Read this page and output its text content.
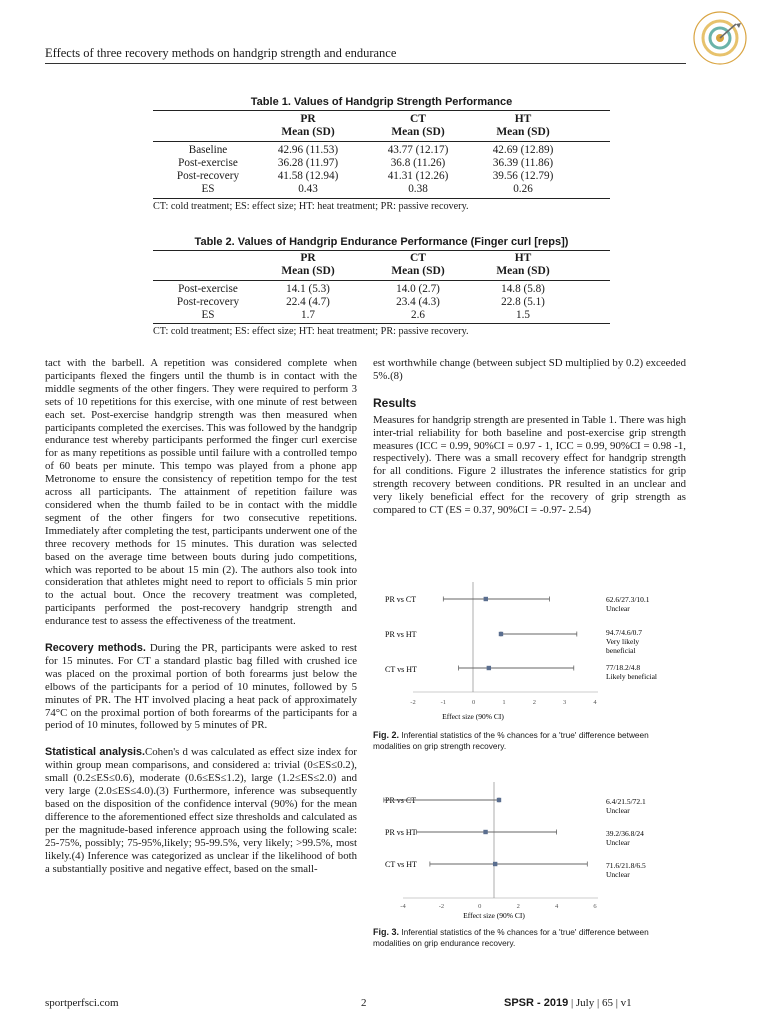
Effects of three recovery methods on handgrip strength and endurance
Table 1. Values of Handgrip Strength Performance
PR
Mean (SD)
CT
Mean (SD)
HT
Mean (SD)
Baseline	42.96 (11.53)	43.77 (12.17)	42.69 (12.89)
Post-exercise	36.28 (11.97)	36.8 (11.26)	36.39 (11.86)
Post-recovery	41.58 (12.94)	41.31 (12.26)	39.56 (12.79)
ES	0.43	0.38	0.26
CT: cold treatment; ES: effect size; HT: heat treatment; PR: passive recovery.
Table 2. Values of Handgrip Endurance Performance (Finger curl [reps])
PR
Mean (SD)
CT
Mean (SD)
HT
Mean (SD)
Post-exercise	14.1 (5.3)	14.0 (2.7)	14.8 (5.8)
Post-recovery	22.4 (4.7)	23.4 (4.3)	22.8 (5.1)
ES	1.7	2.6	1.5
CT: cold treatment; ES: effect size; HT: heat treatment; PR: passive recovery.

tact with the barbell. A repetition was considered complete when participants flexed the fingers until the thumb is in contact with the middle segments of the other fingers. They were required to perform 3 sets of 10 repetitions for this exercise, with one minute of rest between each set. Post-exercise handgrip strength was then measured when participants completed the exercises. This was followed by the handgrip endurance test whereby participants performed the finger curl exercise for as many repetitions as possible until failure with a controlled tempo of 60 beats per minute. This tempo was played from a phone app Metronome to ensure the consistency of repetition tempo for the test across all participants. The attainment of repetition failure was considered when the thumb failed to be in contact with the middle segment of the other fingers for two consecutive repetitions. Immediately after completing the test, participants underwent one of the three recovery methods for 15 minutes. This duration was selected based on the average time between bouts during judo competitions, which was reported to be about 15 min (2). The authors also took into consideration that athletes might need to report to officials 5 min prior to the actual bout. Once the recovery treatment was completed, participants performed the post-recovery handgrip strength and endurance test to assess the effectiveness of the treatment.

Recovery methods. During the PR, participants were asked to rest for 15 minutes. For CT a standard plastic bag filled with crushed ice was placed on the proximal portion of both forearms just below the elbows of the participants for a period of 10 minutes, followed by 5 minutes of PR. The HT involved placing a heat pack of approximately 74°C on the proximal portion of both forearms of the participants for a period of 10 minutes, followed by 5 minutes of PR.

Statistical analysis.Cohen's d was calculated as effect size index for within group mean comparisons, and considered a: trivial (0≤ES≤0.2), small (0.2≤ES≤0.6), moderate (0.6≤ES≤1.2), large (1.2≤ES≤2.0) and very large (2.0≤ES≤4.0).(3) Furthermore, inference was subsequently based on the disposition of the confidence interval (90%) for the mean difference to the aforementioned effect size thresholds and calculated as per the magnitude-based inference approach using the following scale: 25-75%, possibly; 75-95%,likely; 95-99.5%, very likely; >99.5%, most likely.(4) Inference was categorized as unclear if the likelihood of both a substantially positive and negative effect, based on the small-

est worthwhile change (between subject SD multiplied by 0.2) exceeded 5%.(8)

Results

Measures for handgrip strength are presented in Table 1. There was high inter-trial reliability for both baseline and post-exercise grip strength measures (ICC = 0.99, 90%CI = 0.97 - 1, ICC = 0.99, 90%CI = 0.98 -1, respectively). There was a small recovery effect for handgrip strength for all conditions. Figure 2 illustrates the inference statistics for grip strength recovery between conditions. PR resulted in an unclear and very likely beneficial effect for the recovery of grip strength as compared to CT (ES = 0.37, 90%CI = -0.97- 2.54)

-2	-1	0	1	2	3	4
PR vs CT
PR vs HT
CT vs HT
62.6/27.3/10.1
Unclear
94.7/4.6/0.7
Very likely
beneficial
77/18.2/4.8
Likely beneficial
Effect size (90% CI)
Fig. 2. Inferential statistics of the % chances for a 'true' difference between modalities on grip strength recovery.
-4	-2	0	2	4	6
PR vs CT
PR vs HT
CT vs HT
6.4/21.5/72.1
Unclear
39.2/36.8/24
Unclear
71.6/21.8/6.5
Unclear
Effect size (90% CI)
Fig. 3. Inferential statistics of the % chances for a 'true' difference between modalities on grip endurance recovery.
sportperfsci.com	2	SPSR - 2019 | July | 65 | v1
